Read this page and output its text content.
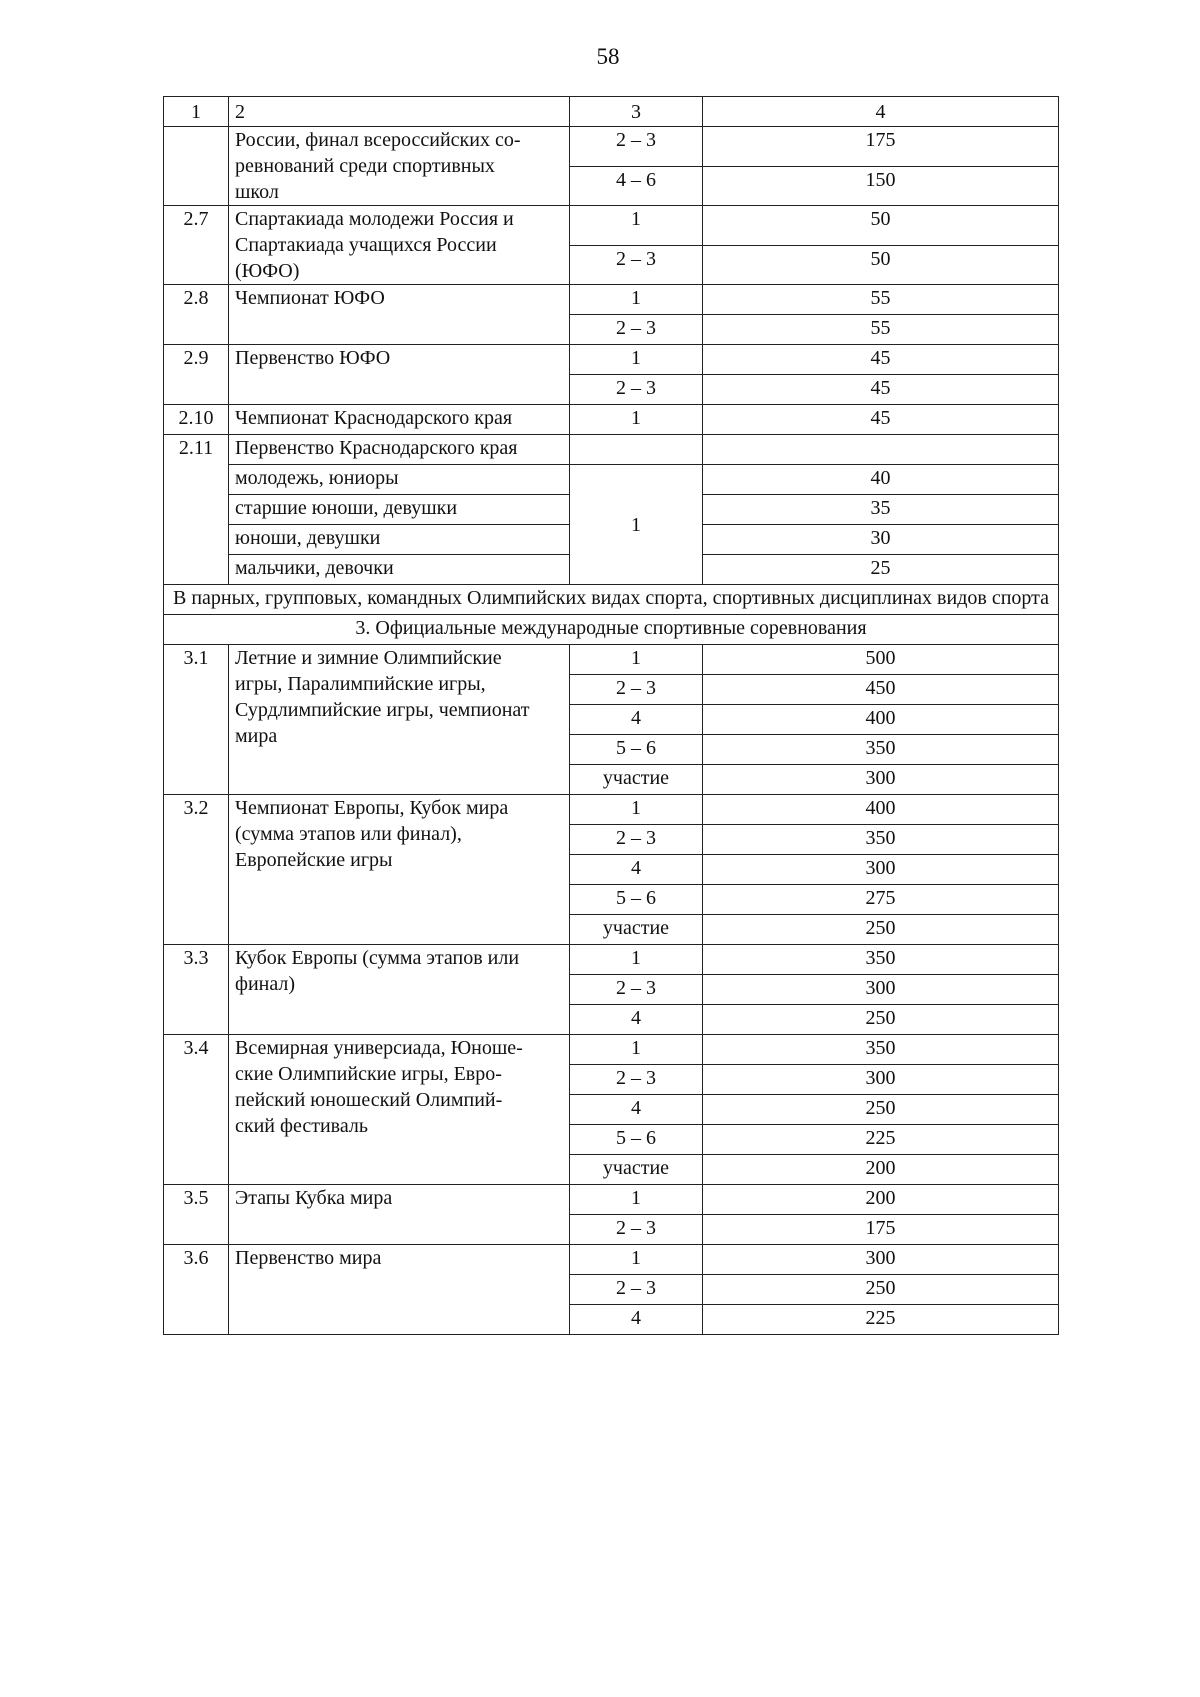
58
1	2	3	4
	России, финал всероссийских со-
ревнований среди спортивных
школ	2 – 3	175
		4 – 6	150
2.7	Спартакиада молодежи Россия и
Спартакиада учащихся России
(ЮФО)	1	50
		2 – 3	50
2.8	Чемпионат ЮФО	1	55
		2 – 3	55
2.9	Первенство ЮФО	1	45
		2 – 3	45
2.10	Чемпионат Краснодарского края	1	45
2.11	Первенство Краснодарского края		
	молодежь, юниоры	1	40
	старшие юноши, девушки		35
	юноши, девушки		30
	мальчики, девочки		25
В парных, групповых, командных Олимпийских видах спорта, спортивных дисциплинах видов спорта			
3. Официальные международные спортивные соревнования			
3.1	Летние и зимние Олимпийские
игры, Паралимпийские игры,
Сурдлимпийские игры, чемпионат
мира	1	500
		2 – 3	450
		4	400
		5 – 6	350
		участие	300
3.2	Чемпионат Европы, Кубок мира
(сумма этапов или финал),
Европейские игры	1	400
		2 – 3	350
		4	300
		5 – 6	275
		участие	250
3.3	Кубок Европы (сумма этапов или
финал)	1	350
		2 – 3	300
		4	250
3.4	Всемирная универсиада, Юноше-
ские Олимпийские игры, Евро-
пейский юношеский Олимпий-
ский фестиваль	1	350
		2 – 3	300
		4	250
		5 – 6	225
		участие	200
3.5	Этапы Кубка мира	1	200
		2 – 3	175
3.6	Первенство мира	1	300
		2 – 3	250
		4	225
